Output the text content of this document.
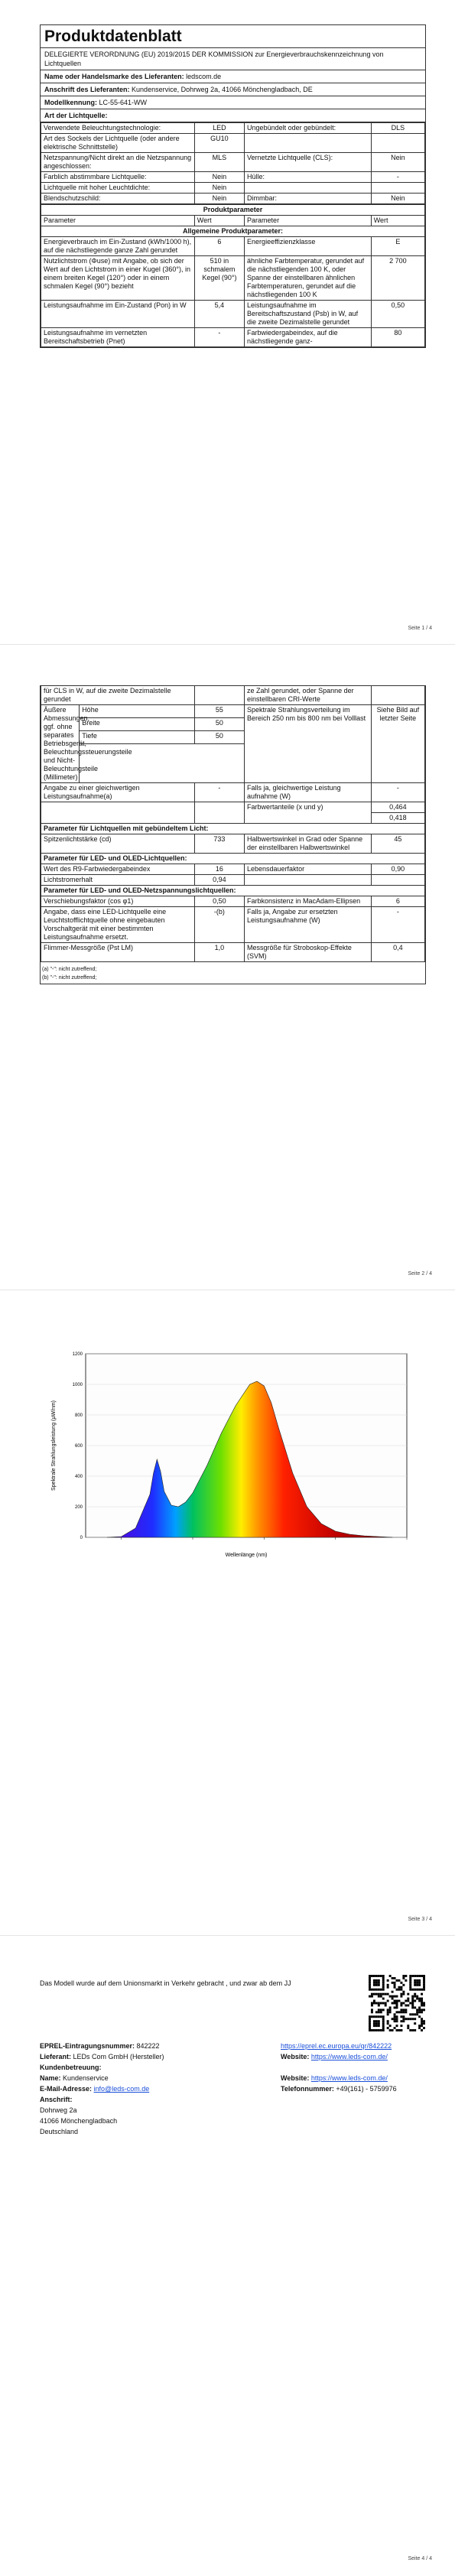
Produktdatenblatt
DELEGIERTE VERORDNUNG (EU) 2019/2015 DER KOMMISSION zur Energieverbrauchskennzeichnung von Lichtquellen
Name oder Handelsmarke des Lieferanten: ledscom.de
Anschrift des Lieferanten: Kundenservice, Dohrweg 2a, 41066 Mönchengladbach, DE
Modellkennung: LC-55-641-WW
Art der Lichtquelle:
Verwendete Beleuchtungstechnologie:	LED	Ungebündelt oder gebündelt:	DLS
Art des Sockels der Lichtquelle (oder andere elektrische Schnittstelle)	GU10		
Netzspannung/Nicht direkt an die Netzspannung angeschlossen:	MLS	Vernetzte Lichtquelle (CLS):	Nein
Farblich abstimmbare Lichtquelle:	Nein	Hülle:	-
Lichtquelle mit hoher Leuchtdichte:	Nein		
Blendschutzschild:	Nein	Dimmbar:	Nein
Produktparameter			
Parameter	Wert	Parameter	Wert
Allgemeine Produktparameter:			
Energieverbrauch im Ein-Zustand (kWh/1000 h), auf die nächstliegende ganze Zahl gerundet	6	Energieeffizienzklasse	E
Nutzlichtstrom (Φuse) mit Angabe, ob sich der Wert auf den Lichtstrom in einer Kugel (360°), in einem breiten Kegel (120°) oder in einem schmalen Kegel (90°) bezieht	510 in schmalem Kegel (90°)	ähnliche Farbtemperatur, gerundet auf die nächstliegenden 100 K, oder Spanne der einstellbaren ähnlichen Farbtemperaturen, gerundet auf die nächstliegenden 100 K	2 700
Leistungsaufnahme im Ein-Zustand (Pon) in W	5,4	Leistungsaufnahme im Bereitschaftszustand (Psb) in W, auf die zweite Dezimalstelle gerundet	0,50
Leistungsaufnahme im vernetzten Bereitschaftsbetrieb (Pnet)	-	Farbwiedergabeindex, auf die nächstliegende ganz-	80
Seite 1 / 4
für CLS in W, auf die zweite Dezimalstelle gerundet			ze Zahl gerundet, oder Spanne der einstellbaren CRI-Werte	
Äußere Abmessungen, ggf. ohne separates Betriebsgerät, Beleuchtungssteuerungsteile und Nicht-Beleuchtungsteile (Millimeter)	Höhe	55	Spektrale Strahlungsverteilung im Bereich 250 nm bis 800 nm bei Volllast	Siehe Bild auf letzter Seite
	Breite	50		
	Tiefe	50		

Angabe zu einer gleichwertigen Leistungsaufnahme(a)		-	Falls ja, gleichwertige Leistung aufnahme (W)	-
			Farbwertanteile (x und y)	0,464
				0,418
Parameter für Lichtquellen mit gebündeltem Licht:				
Spitzenlichtstärke (cd)		733	Halbwertswinkel in Grad oder Spanne der einstellbaren Halbwertswinkel	45
Parameter für LED- und OLED-Lichtquellen:				
Wert des R9-Farbwiedergabeindex		16	Lebensdauerfaktor	0,90
Lichtstromerhalt		0,94		
Parameter für LED- und OLED-Netzspannungslichtquellen:				
Verschiebungsfaktor (cos φ1)		0,50	Farbkonsistenz in MacAdam-Ellipsen	6
Angabe, dass eine LED-Lichtquelle eine Leuchtstofflichtquelle ohne eingebauten Vorschaltgerät mit einer bestimmten Leistungsaufnahme ersetzt.		-(b)	Falls ja, Angabe zur ersetzten Leistungsaufnahme (W)	-
Flimmer-Messgröße (Pst LM)		1,0	Messgröße für Stroboskop-Effekte (SVM)	0,4
(a) "-": nicht zutreffend;
(b) "-": nicht zutreffend;
Seite 2 / 4
Seite 3 / 4
1200
1000
800
600
400
200
0
Spektrale Strahlungsleistung (µW/nm)
Wellenlänge (nm)
Das Modell wurde auf dem Unionsmarkt in Verkehr gebracht , und zwar ab dem JJ
EPREL-Eintragungsnummer: 842222	https://eprel.ec.europa.eu/qr/842222
Lieferant: LEDs Com GmbH (Hersteller)	Website: https://www.leds-com.de/
Kundenbetreuung:
Name: Kundenservice	Website: https://www.leds-com.de/
E-Mail-Adresse: info@leds-com.de	Telefonnummer: +49(161) - 5759976
Anschrift:
Dohrweg 2a
41066 Mönchengladbach
Deutschland
Seite 4 / 4
